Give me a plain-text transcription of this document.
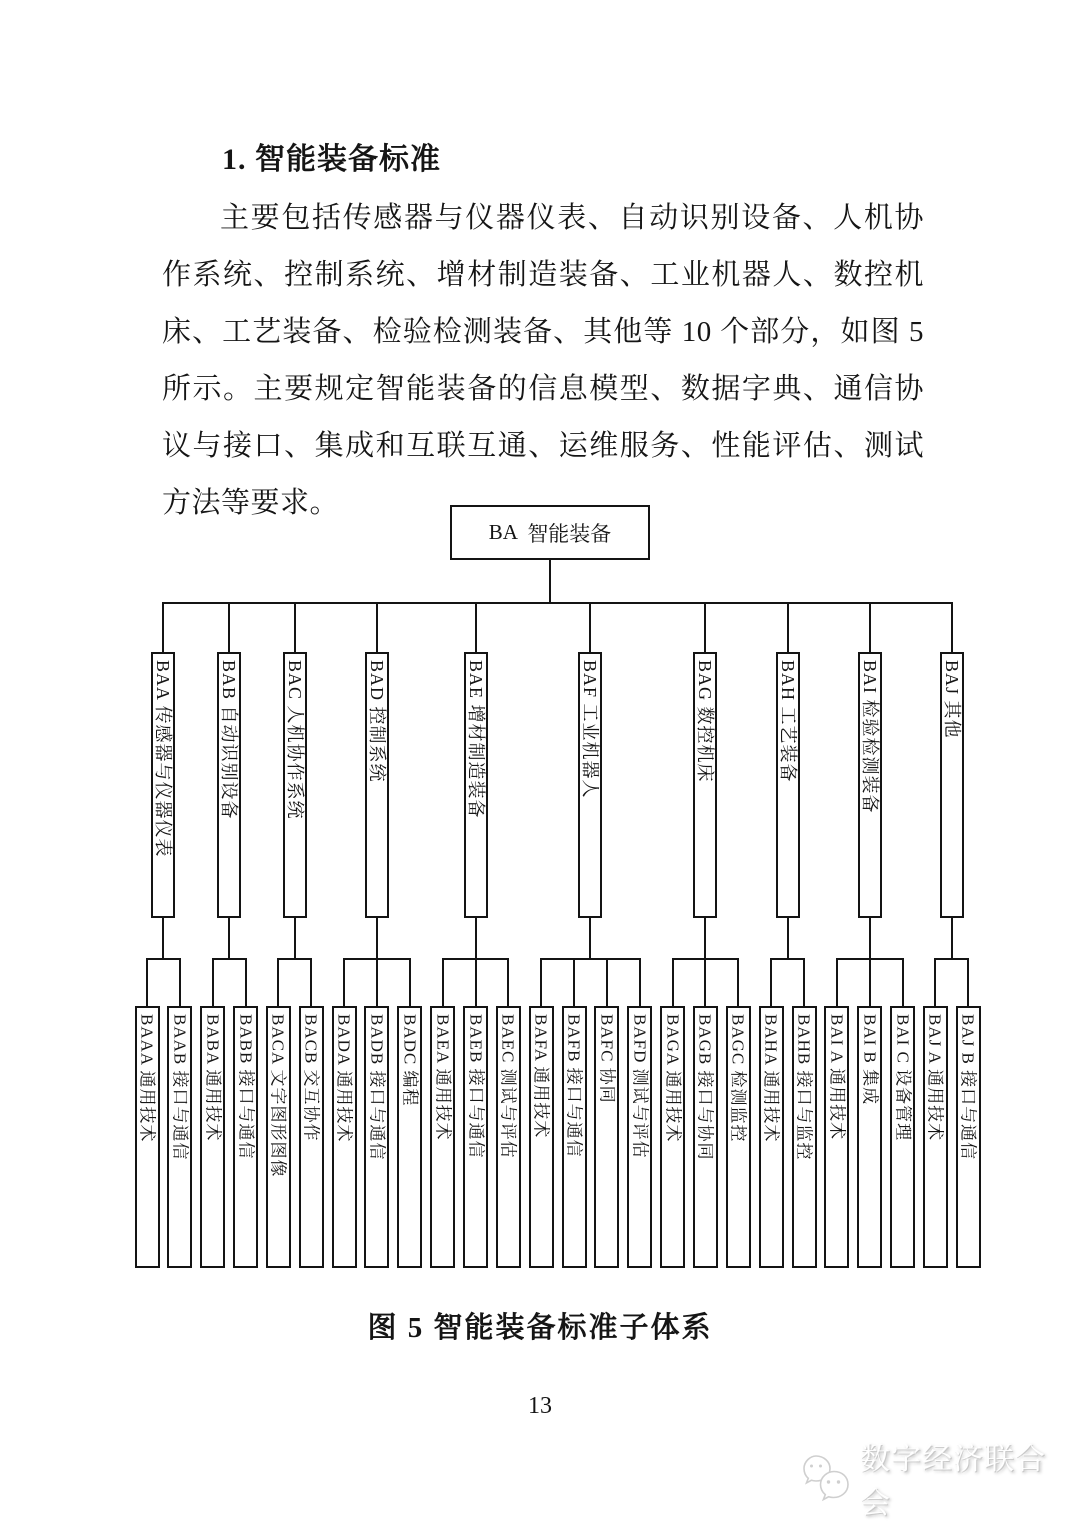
1. 智能装备标准

主要包括传感器与仪器仪表、自动识别设备、人机协作系统、控制系统、增材制造装备、工业机器人、数控机床、工艺装备、检验检测装备、其他等 10 个部分，如图 5 所示。主要规定智能装备的信息模型、数据字典、通信协议与接口、集成和互联互通、运维服务、性能评估、测试方法等要求。

BA 智能装备
BAAA 通用技术 BAAB 接口与通信
BAA 传感器与仪器仪表
BABA 通用技术 BABB 接口与通信
BAB 自动识别设备
BACA 文字图形图像 BACB 交互协作
BAC 人机协作系统
BADA 通用技术 BADB 接口与通信 BADC 编程
BAD 控制系统
BAEA 通用技术 BAEB 接口与通信 BAEC 测试与评估
BAE 增材制造装备
BAFA 通用技术 BAFB 接口与通信 BAFC 协同 BAFD 测试与评估
BAF 工业机器人
BAGA 通用技术 BAGB 接口与协同 BAGC 检测监控
BAG 数控机床
BAHA 通用技术 BAHB 接口与监控
BAH 工艺装备
BAI A 通用技术 BAI B 集成 BAI C 设备管理
BAI 检验检测装备
BAJ A 通用技术 BAJ B 接口与通信
BAJ 其他
图 5 智能装备标准子体系
13
数字经济联合会
